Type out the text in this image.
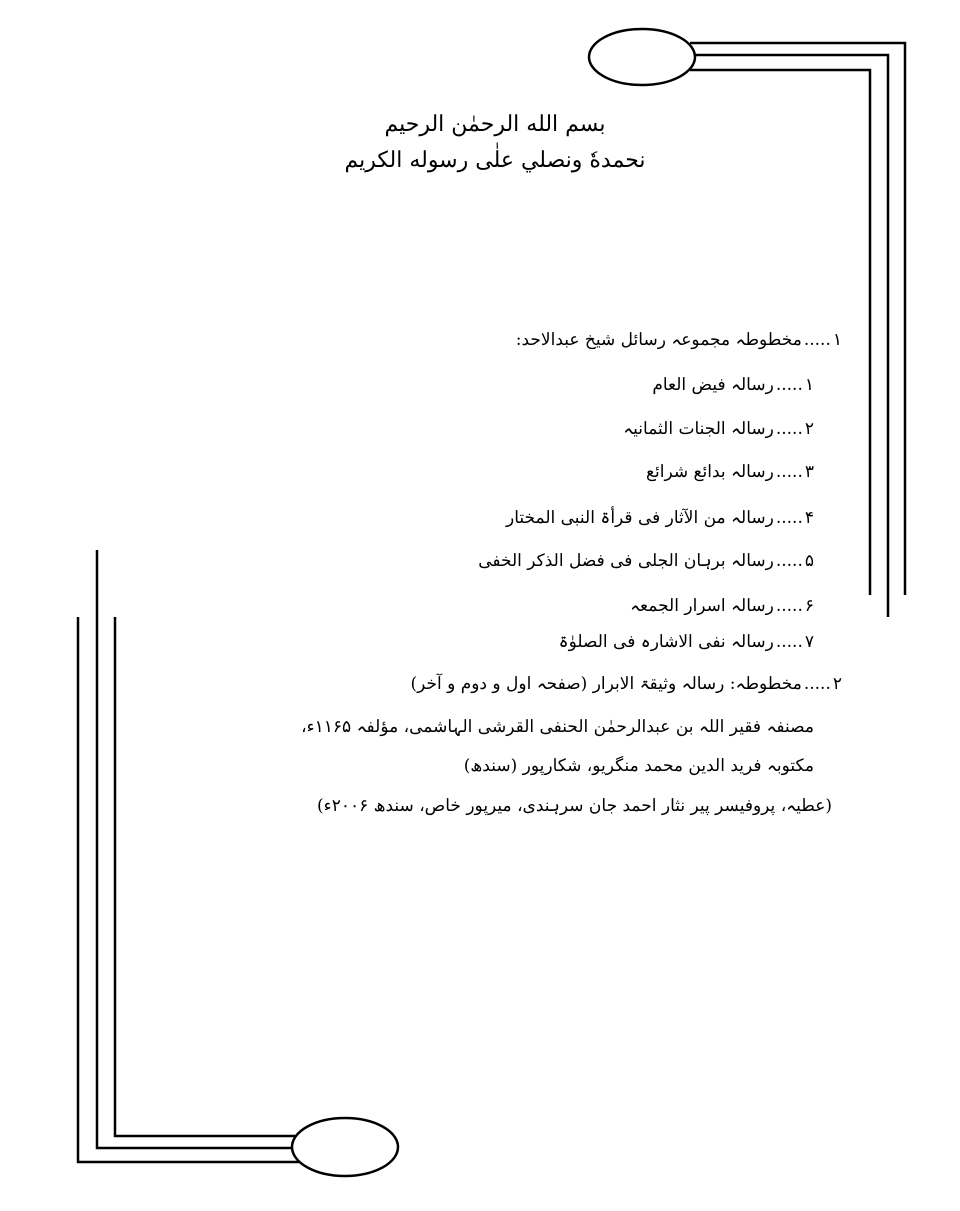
بسم الله الرحمٰن الرحيم
نحمدهٗ ونصلي علٰى رسوله الكريم
۱.....مخطوطہ مجموعہ رسائل شیخ عبدالاحد:
۱.....رسالہ فیض العام
۲.....رسالہ الجنات الثمانیہ
۳.....رسالہ بدائع شرائع
۴.....رسالہ من الآثار فی قرأۃ النبی المختار
۵.....رسالہ برہان الجلی فی فضل الذکر الخفی
۶.....رسالہ اسرار الجمعہ
۷.....رسالہ نفی الاشارہ فی الصلوٰۃ
۲.....مخطوطہ: رسالہ وثیقۃ الابرار (صفحہ اول و دوم و آخر)
مصنفہ فقیر اللہ بن عبدالرحمٰن الحنفی القرشی الہاشمی، مؤلفہ ۱۱۶۵ء،
مکتوبہ فرید الدین محمد منگریو، شکارپور (سندھ)
(عطیہ، پروفیسر پیر نثار احمد جان سرہندی، میرپور خاص، سندھ ۲۰۰۶ء)
